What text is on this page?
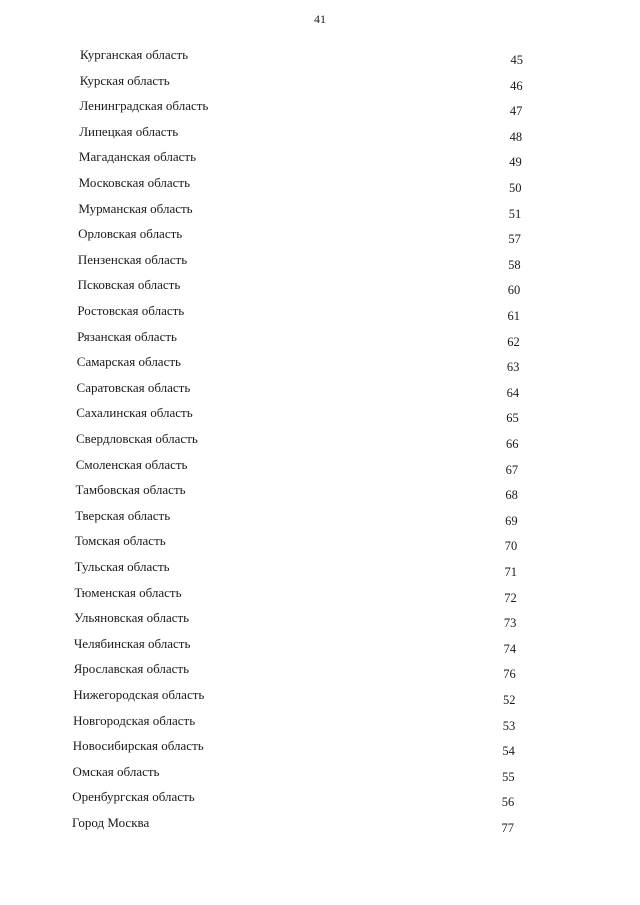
41
Курганская область	45
Курская область	46
Ленинградская область	47
Липецкая область	48
Магаданская область	49
Московская область	50
Мурманская область	51
Орловская область	57
Пензенская область	58
Псковская область	60
Ростовская область	61
Рязанская область	62
Самарская область	63
Саратовская область	64
Сахалинская область	65
Свердловская область	66
Смоленская область	67
Тамбовская область	68
Тверская область	69
Томская область	70
Тульская область	71
Тюменская область	72
Ульяновская область	73
Челябинская область	74
Ярославская область	76
Нижегородская область	52
Новгородская область	53
Новосибирская область	54
Омская область	55
Оренбургская область	56
Город Москва	77
